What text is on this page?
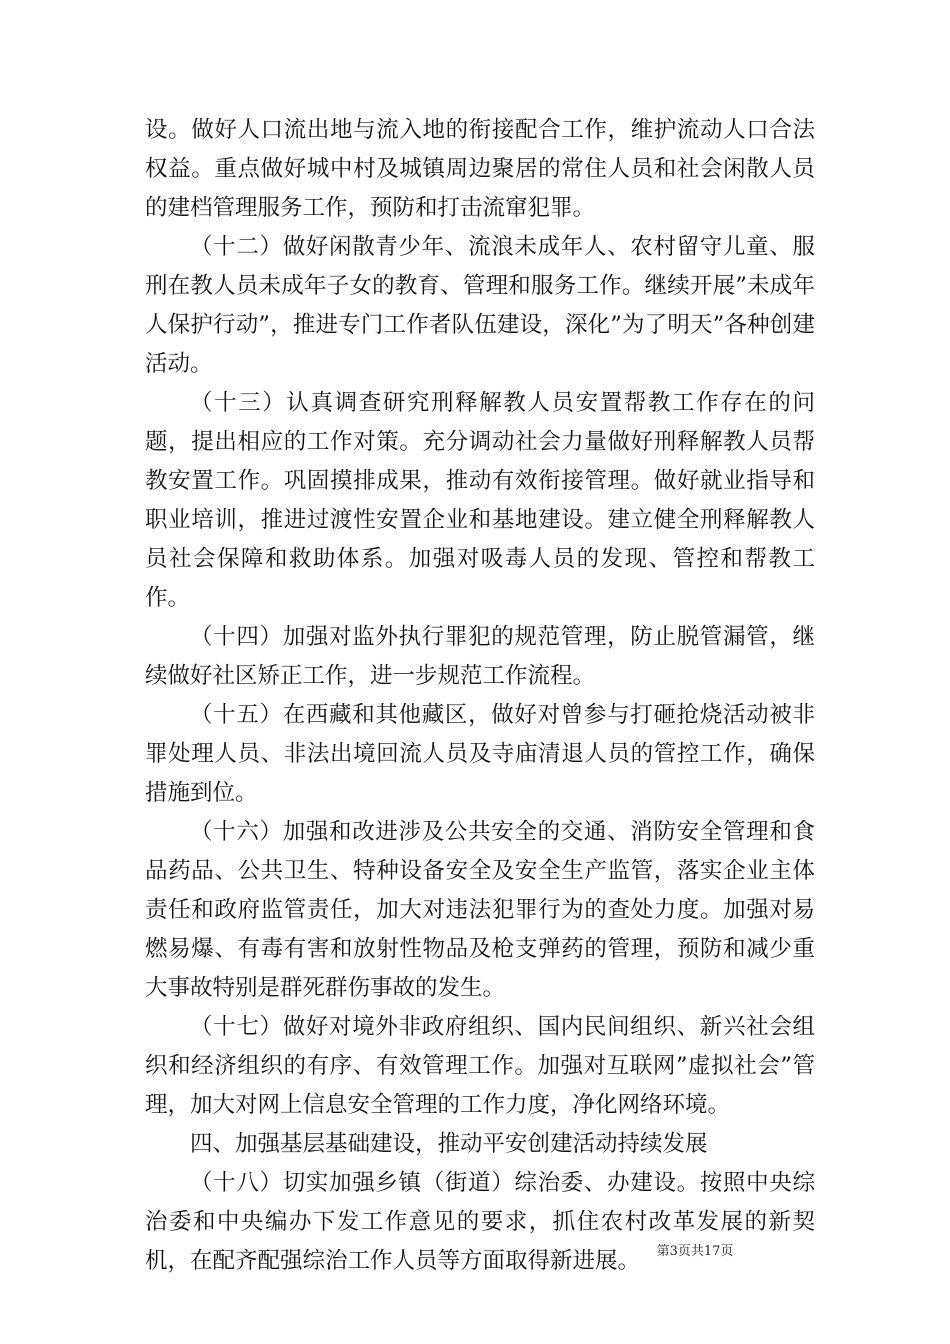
设。做好人口流出地与流入地的衔接配合工作，维护流动人口合法权益。重点做好城中村及城镇周边聚居的常住人员和社会闲散人员的建档管理服务工作，预防和打击流窜犯罪。

（十二）做好闲散青少年、流浪未成年人、农村留守儿童、服刑在教人员未成年子女的教育、管理和服务工作。继续开展”未成年人保护行动”，推进专门工作者队伍建设，深化”为了明天”各种创建活动。

（十三）认真调查研究刑释解教人员安置帮教工作存在的问题，提出相应的工作对策。充分调动社会力量做好刑释解教人员帮教安置工作。巩固摸排成果，推动有效衔接管理。做好就业指导和职业培训，推进过渡性安置企业和基地建设。建立健全刑释解教人员社会保障和救助体系。加强对吸毒人员的发现、管控和帮教工作。

（十四）加强对监外执行罪犯的规范管理，防止脱管漏管，继续做好社区矫正工作，进一步规范工作流程。

（十五）在西藏和其他藏区，做好对曾参与打砸抢烧活动被非罪处理人员、非法出境回流人员及寺庙清退人员的管控工作，确保措施到位。

（十六）加强和改进涉及公共安全的交通、消防安全管理和食品药品、公共卫生、特种设备安全及安全生产监管，落实企业主体责任和政府监管责任，加大对违法犯罪行为的查处力度。加强对易燃易爆、有毒有害和放射性物品及枪支弹药的管理，预防和减少重大事故特别是群死群伤事故的发生。

（十七）做好对境外非政府组织、国内民间组织、新兴社会组织和经济组织的有序、有效管理工作。加强对互联网”虚拟社会”管理，加大对网上信息安全管理的工作力度，净化网络环境。

四、加强基层基础建设，推动平安创建活动持续发展

（十八）切实加强乡镇（街道）综治委、办建设。按照中央综治委和中央编办下发工作意见的要求，抓住农村改革发展的新契机，在配齐配强综治工作人员等方面取得新进展。	第3页共17页
